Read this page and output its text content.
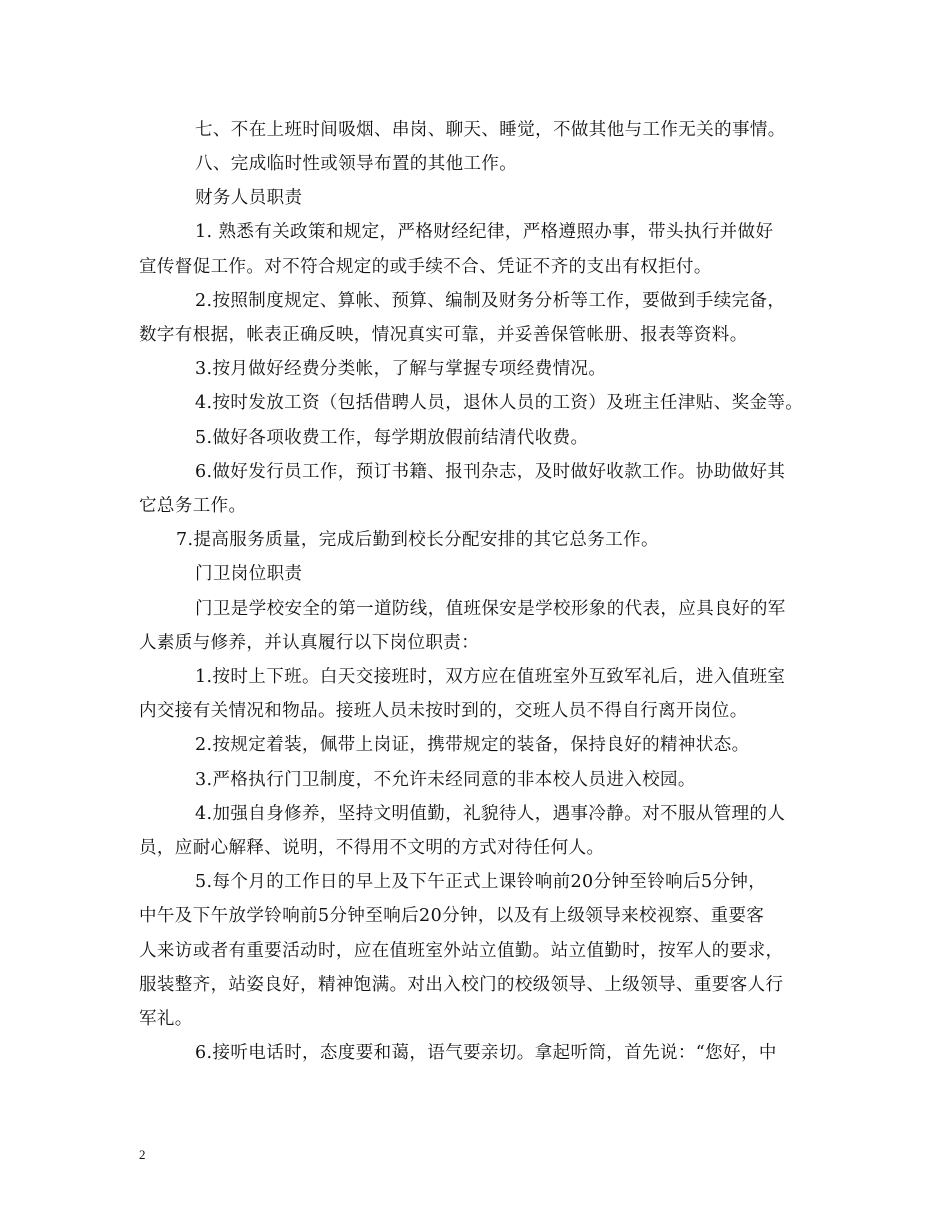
七、不在上班时间吸烟、串岗、聊天、睡觉，不做其他与工作无关的事情。
八、完成临时性或领导布置的其他工作。
财务人员职责
1. 熟悉有关政策和规定，严格财经纪律，严格遵照办事，带头执行并做好
宣传督促工作。对不符合规定的或手续不合、凭证不齐的支出有权拒付。
2.按照制度规定、算帐、预算、编制及财务分析等工作，要做到手续完备，
数字有根据，帐表正确反映，情况真实可靠，并妥善保管帐册、报表等资料。
3.按月做好经费分类帐，了解与掌握专项经费情况。
4.按时发放工资（包括借聘人员，退休人员的工资）及班主任津贴、奖金等。
5.做好各项收费工作，每学期放假前结清代收费。
6.做好发行员工作，预订书籍、报刊杂志，及时做好收款工作。协助做好其
它总务工作。
7.提高服务质量，完成后勤到校长分配安排的其它总务工作。
门卫岗位职责
门卫是学校安全的第一道防线，值班保安是学校形象的代表，应具良好的军
人素质与修养，并认真履行以下岗位职责：
1.按时上下班。白天交接班时，双方应在值班室外互致军礼后，进入值班室
内交接有关情况和物品。接班人员未按时到的，交班人员不得自行离开岗位。
2.按规定着装，佩带上岗证，携带规定的装备，保持良好的精神状态。
3.严格执行门卫制度，不允许未经同意的非本校人员进入校园。
4.加强自身修养，坚持文明值勤，礼貌待人，遇事冷静。对不服从管理的人
员，应耐心解释、说明，不得用不文明的方式对待任何人。
5.每个月的工作日的早上及下午正式上课铃响前20分钟至铃响后5分钟，
中午及下午放学铃响前5分钟至响后20分钟，以及有上级领导来校视察、重要客
人来访或者有重要活动时，应在值班室外站立值勤。站立值勤时，按军人的要求，
服装整齐，站姿良好，精神饱满。对出入校门的校级领导、上级领导、重要客人行
军礼。
6.接听电话时，态度要和蔼，语气要亲切。拿起听筒，首先说：“您好，中
2
